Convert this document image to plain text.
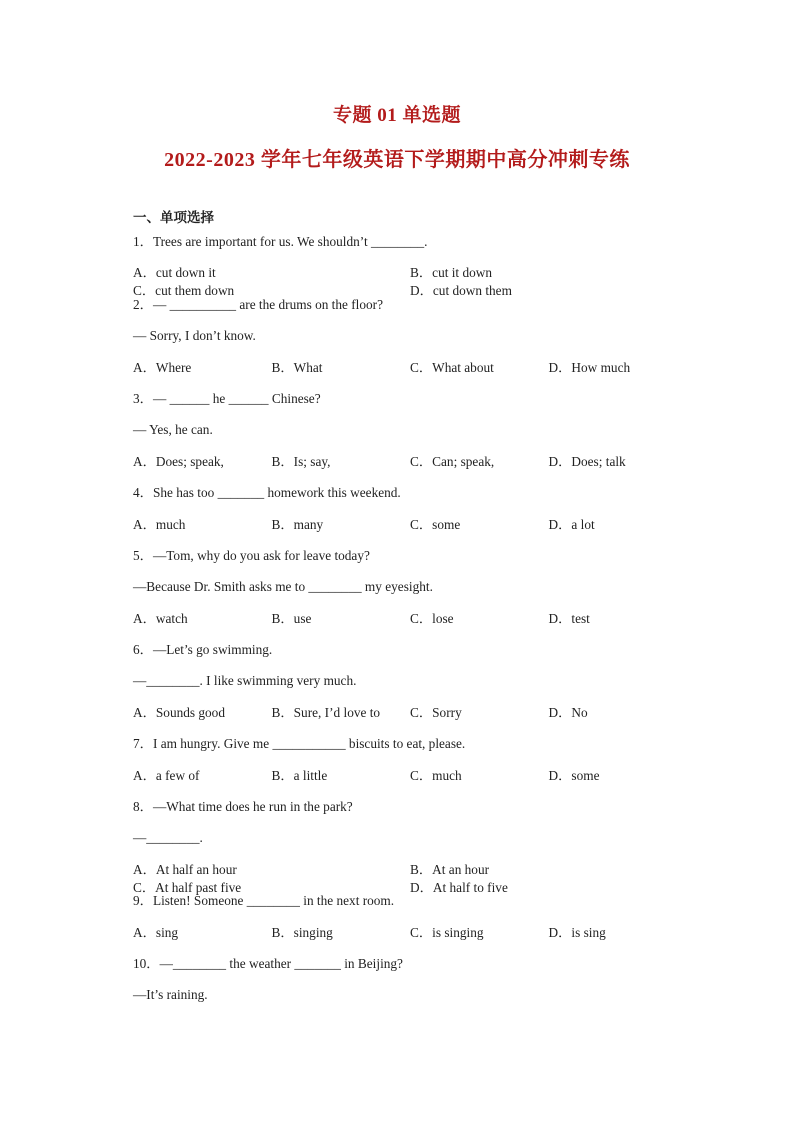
专题 01 单选题
2022-2023 学年七年级英语下学期期中高分冲刺专练
一、单项选择
1．Trees are important for us. We shouldn’t ________.
A．cut down it	B．cut it down
C．cut them down	D．cut down them
2．— __________ are the drums on the floor?
— Sorry, I don’t know.
A．Where	B．What	C．What about	D．How much
3．— ______ he ______ Chinese?
— Yes, he can.
A．Does; speak,	B．Is; say,	C．Can; speak,	D．Does; talk
4．She has too _______ homework this weekend.
A．much	B．many	C．some	D．a lot
5．—Tom, why do you ask for leave today?
—Because Dr. Smith asks me to ________ my eyesight.
A．watch	B．use	C．lose	D．test
6．—Let’s go swimming.
—________. I like swimming very much.
A．Sounds good	B．Sure, I’d love to	C．Sorry	D．No
7．I am hungry. Give me ___________ biscuits to eat, please.
A．a few of	B．a little	C．much	D．some
8．—What time does he run in the park?
—________.
A．At half an hour	B．At an hour
C．At half past five	D．At half to five
9．Listen! Someone ________ in the next room.
A．sing	B．singing	C．is singing	D．is sing
10．—________ the weather _______ in Beijing?
—It’s raining.
